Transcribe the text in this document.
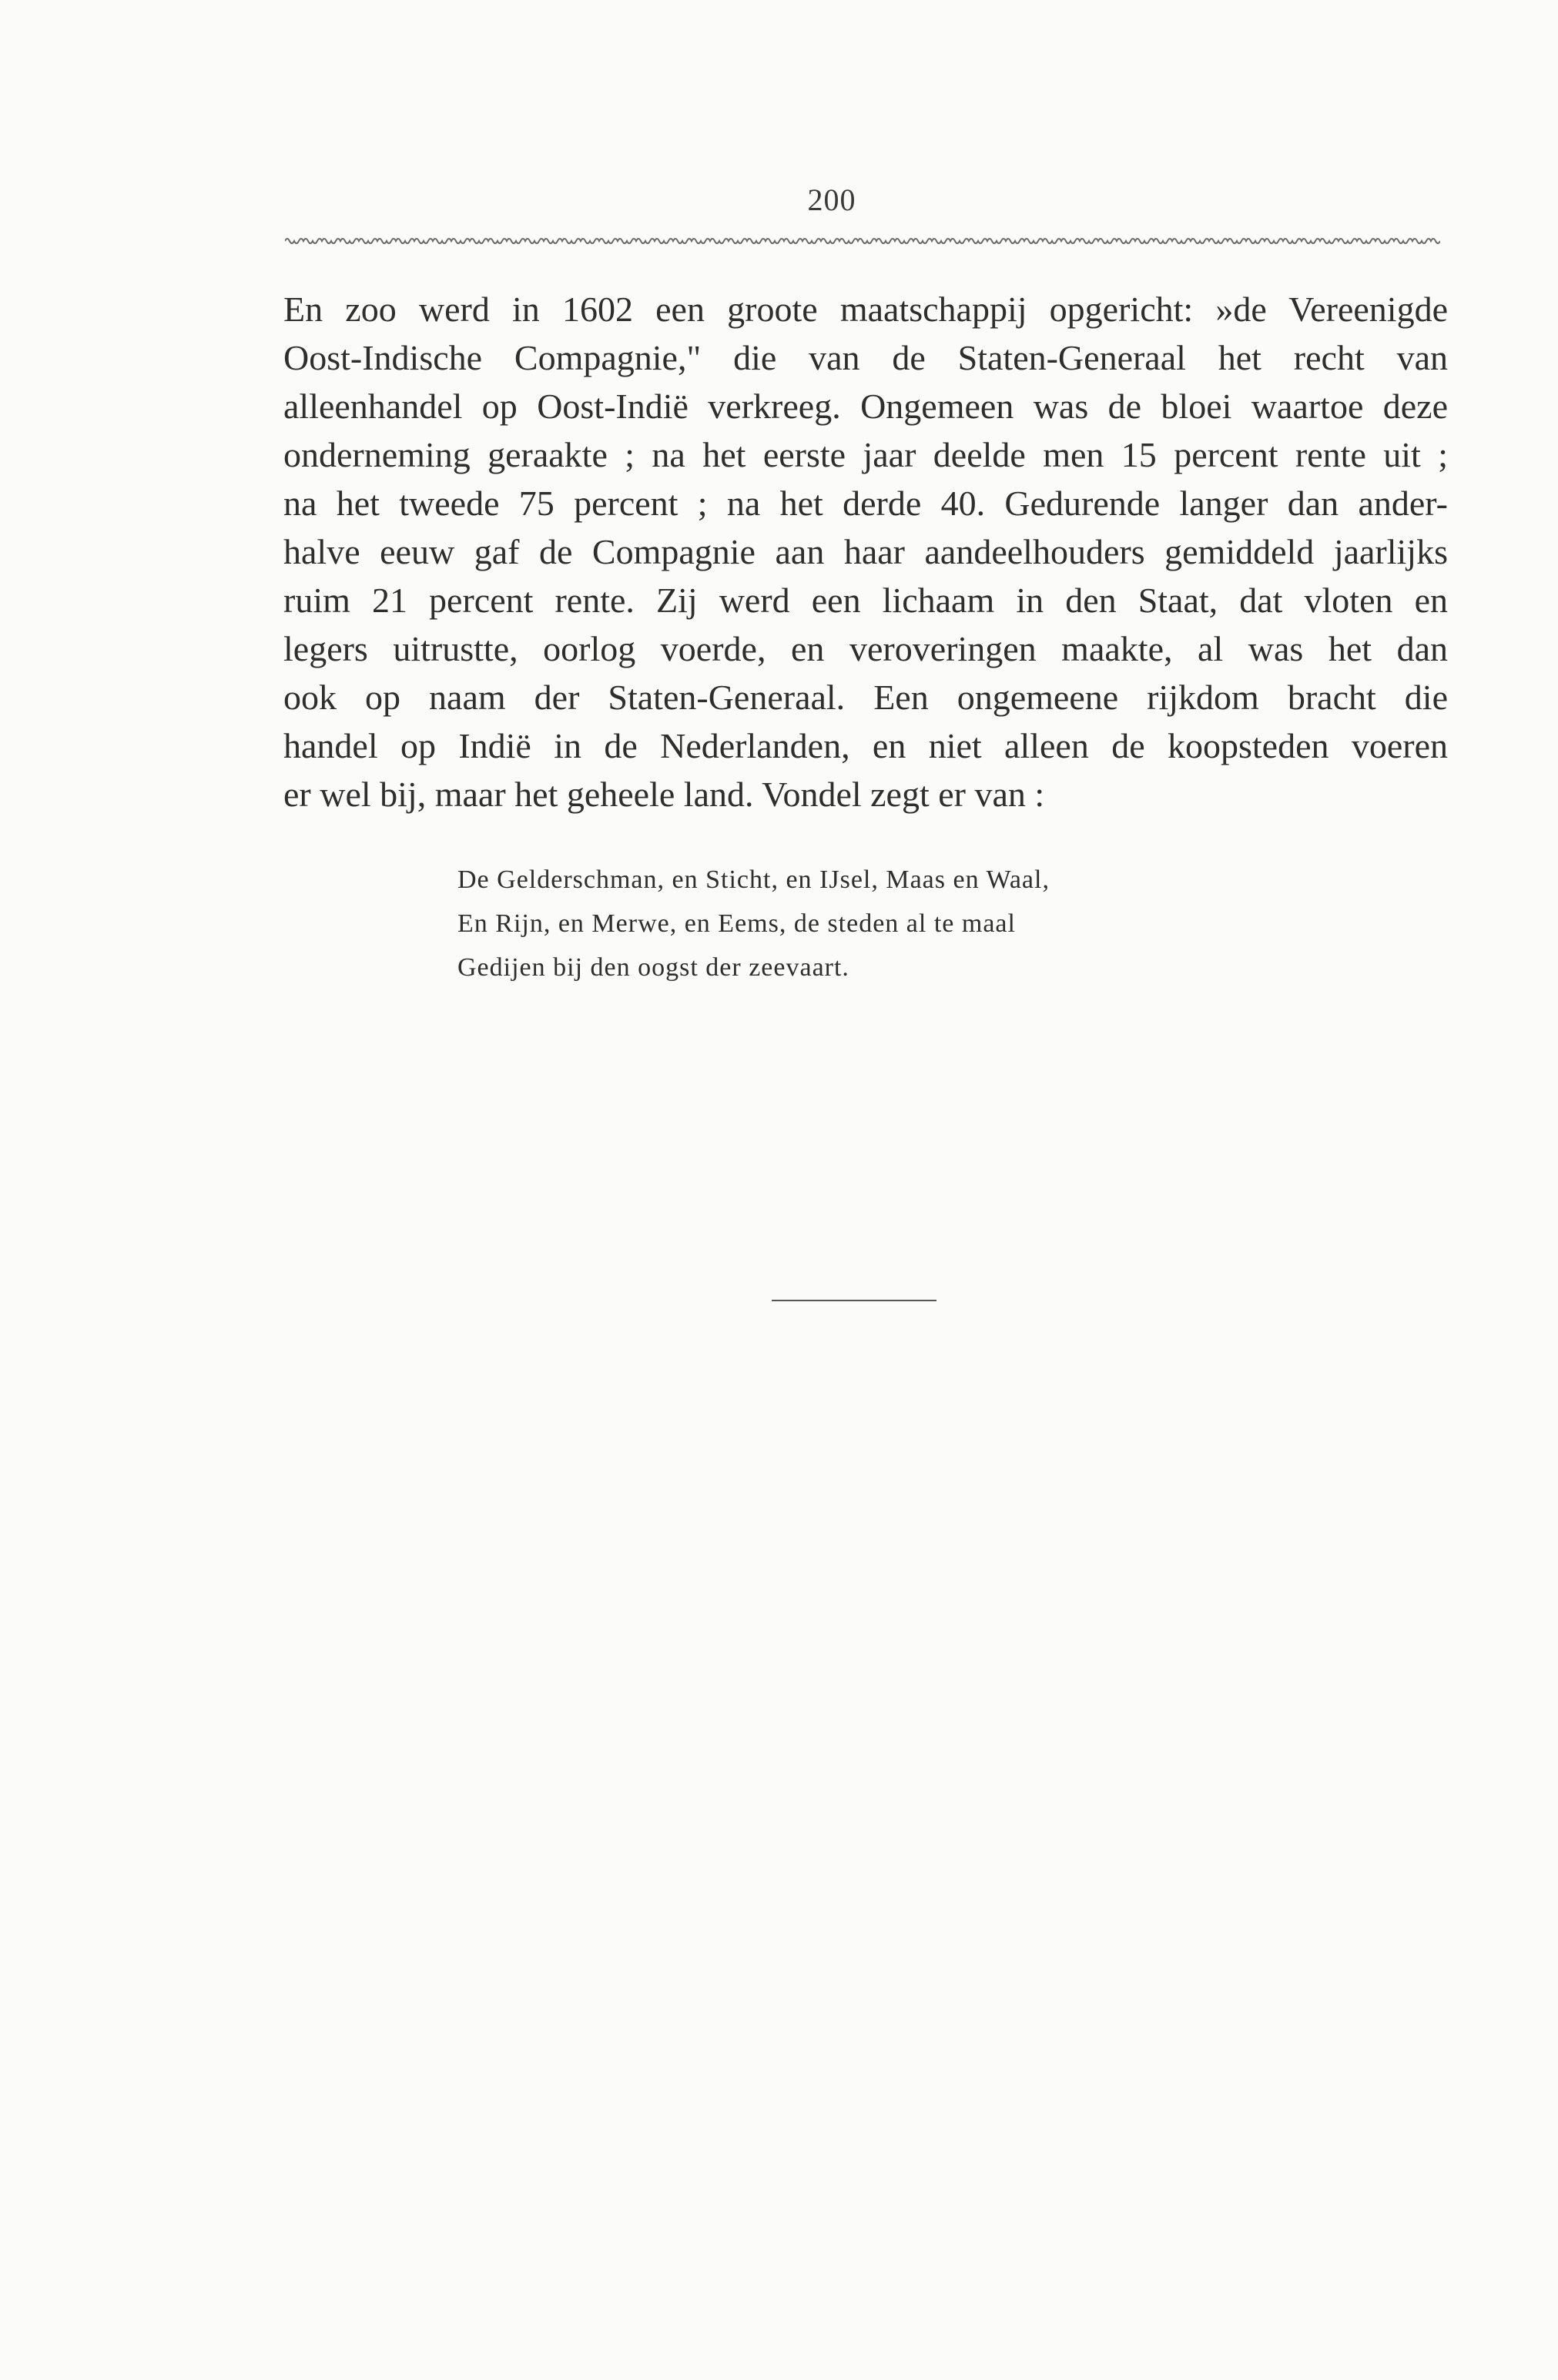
200
En zoo werd in 1602 een groote maatschappij opgericht: »de Vereenigde
Oost-Indische Compagnie," die van de Staten-Generaal het recht van
alleenhandel op Oost-Indië verkreeg. Ongemeen was de bloei waartoe deze
onderneming geraakte ; na het eerste jaar deelde men 15 percent rente uit ;
na het tweede 75 percent ; na het derde 40. Gedurende langer dan ander-
halve eeuw gaf de Compagnie aan haar aandeelhouders gemiddeld jaarlijks
ruim 21 percent rente. Zij werd een lichaam in den Staat, dat vloten en
legers uitrustte, oorlog voerde, en veroveringen maakte, al was het dan
ook op naam der Staten-Generaal. Een ongemeene rijkdom bracht die
handel op Indië in de Nederlanden, en niet alleen de koopsteden voeren
er wel bij, maar het geheele land. Vondel zegt er van :
De Gelderschman, en Sticht, en IJsel, Maas en Waal,
En Rijn, en Merwe, en Eems, de steden al te maal
Gedijen bij den oogst der zeevaart.
